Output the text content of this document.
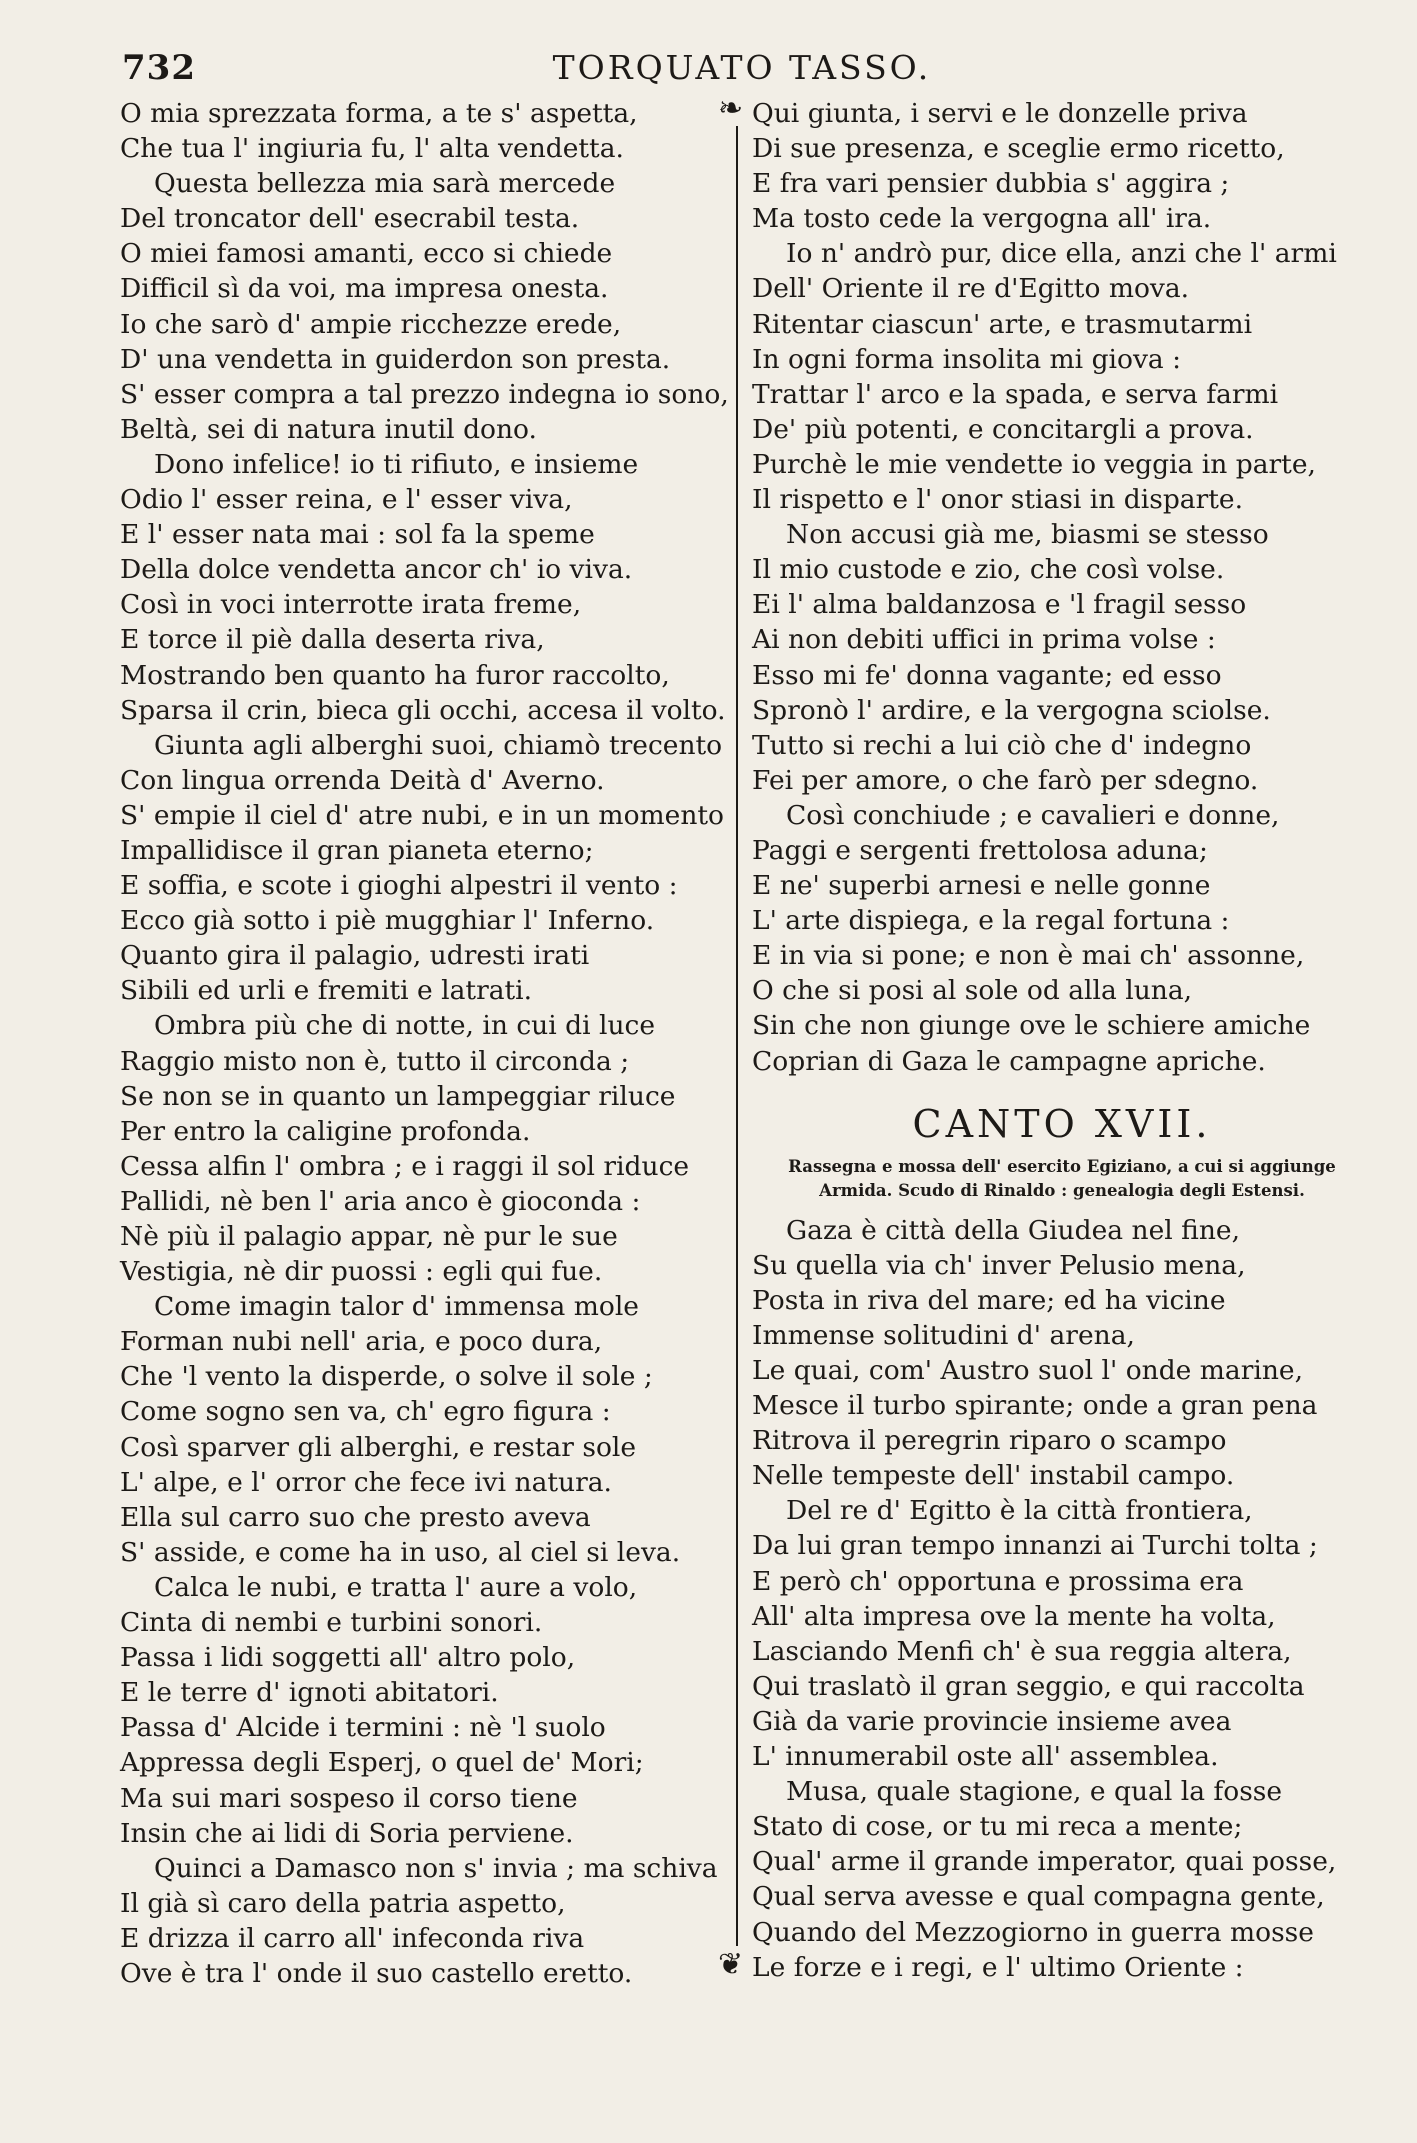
732	TORQUATO TASSO.
O mia sprezzata forma, a te s' aspetta,
Che tua l' ingiuria fu, l' alta vendetta.
Questa bellezza mia sarà mercede
Del troncator dell' esecrabil testa.
O miei famosi amanti, ecco si chiede
Difficil sì da voi, ma impresa onesta.
Io che sarò d' ampie ricchezze erede,
D' una vendetta in guiderdon son presta.
S' esser compra a tal prezzo indegna io sono,
Beltà, sei di natura inutil dono.
Dono infelice! io ti rifiuto, e insieme
Odio l' esser reina, e l' esser viva,
E l' esser nata mai : sol fa la speme
Della dolce vendetta ancor ch' io viva.
Così in voci interrotte irata freme,
E torce il piè dalla deserta riva,
Mostrando ben quanto ha furor raccolto,
Sparsa il crin, bieca gli occhi, accesa il volto.
Giunta agli alberghi suoi, chiamò trecento
Con lingua orrenda Deità d' Averno.
S' empie il ciel d' atre nubi, e in un momento
Impallidisce il gran pianeta eterno;
E soffia, e scote i gioghi alpestri il vento :
Ecco già sotto i piè mugghiar l' Inferno.
Quanto gira il palagio, udresti irati
Sibili ed urli e fremiti e latrati.
Ombra più che di notte, in cui di luce
Raggio misto non è, tutto il circonda ;
Se non se in quanto un lampeggiar riluce
Per entro la caligine profonda.
Cessa alfin l' ombra ; e i raggi il sol riduce
Pallidi, nè ben l' aria anco è gioconda :
Nè più il palagio appar, nè pur le sue
Vestigia, nè dir puossi : egli qui fue.
Come imagin talor d' immensa mole
Forman nubi nell' aria, e poco dura,
Che 'l vento la disperde, o solve il sole ;
Come sogno sen va, ch' egro figura :
Così sparver gli alberghi, e restar sole
L' alpe, e l' orror che fece ivi natura.
Ella sul carro suo che presto aveva
S' asside, e come ha in uso, al ciel si leva.
Calca le nubi, e tratta l' aure a volo,
Cinta di nembi e turbini sonori.
Passa i lidi soggetti all' altro polo,
E le terre d' ignoti abitatori.
Passa d' Alcide i termini : nè 'l suolo
Appressa degli Esperj, o quel de' Mori;
Ma sui mari sospeso il corso tiene
Insin che ai lidi di Soria perviene.
Quinci a Damasco non s' invia ; ma schiva
Il già sì caro della patria aspetto,
E drizza il carro all' infeconda riva
Ove è tra l' onde il suo castello eretto.
❧
❦
Qui giunta, i servi e le donzelle priva
Di sue presenza, e sceglie ermo ricetto,
E fra vari pensier dubbia s' aggira ;
Ma tosto cede la vergogna all' ira.
Io n' andrò pur, dice ella, anzi che l' armi
Dell' Oriente il re d'Egitto mova.
Ritentar ciascun' arte, e trasmutarmi
In ogni forma insolita mi giova :
Trattar l' arco e la spada, e serva farmi
De' più potenti, e concitargli a prova.
Purchè le mie vendette io veggia in parte,
Il rispetto e l' onor stiasi in disparte.
Non accusi già me, biasmi se stesso
Il mio custode e zio, che così volse.
Ei l' alma baldanzosa e 'l fragil sesso
Ai non debiti uffici in prima volse :
Esso mi fe' donna vagante; ed esso
Spronò l' ardire, e la vergogna sciolse.
Tutto si rechi a lui ciò che d' indegno
Fei per amore, o che farò per sdegno.
Così conchiude ; e cavalieri e donne,
Paggi e sergenti frettolosa aduna;
E ne' superbi arnesi e nelle gonne
L' arte dispiega, e la regal fortuna :
E in via si pone; e non è mai ch' assonne,
O che si posi al sole od alla luna,
Sin che non giunge ove le schiere amiche
Coprian di Gaza le campagne apriche.
CANTO XVII.
Rassegna e mossa dell' esercito Egiziano, a cui si aggiunge
Armida. Scudo di Rinaldo : genealogia degli Estensi.
Gaza è città della Giudea nel fine,
Su quella via ch' inver Pelusio mena,
Posta in riva del mare; ed ha vicine
Immense solitudini d' arena,
Le quai, com' Austro suol l' onde marine,
Mesce il turbo spirante; onde a gran pena
Ritrova il peregrin riparo o scampo
Nelle tempeste dell' instabil campo.
Del re d' Egitto è la città frontiera,
Da lui gran tempo innanzi ai Turchi tolta ;
E però ch' opportuna e prossima era
All' alta impresa ove la mente ha volta,
Lasciando Menfi ch' è sua reggia altera,
Qui traslatò il gran seggio, e qui raccolta
Già da varie provincie insieme avea
L' innumerabil oste all' assemblea.
Musa, quale stagione, e qual la fosse
Stato di cose, or tu mi reca a mente;
Qual' arme il grande imperator, quai posse,
Qual serva avesse e qual compagna gente,
Quando del Mezzogiorno in guerra mosse
Le forze e i regi, e l' ultimo Oriente :
